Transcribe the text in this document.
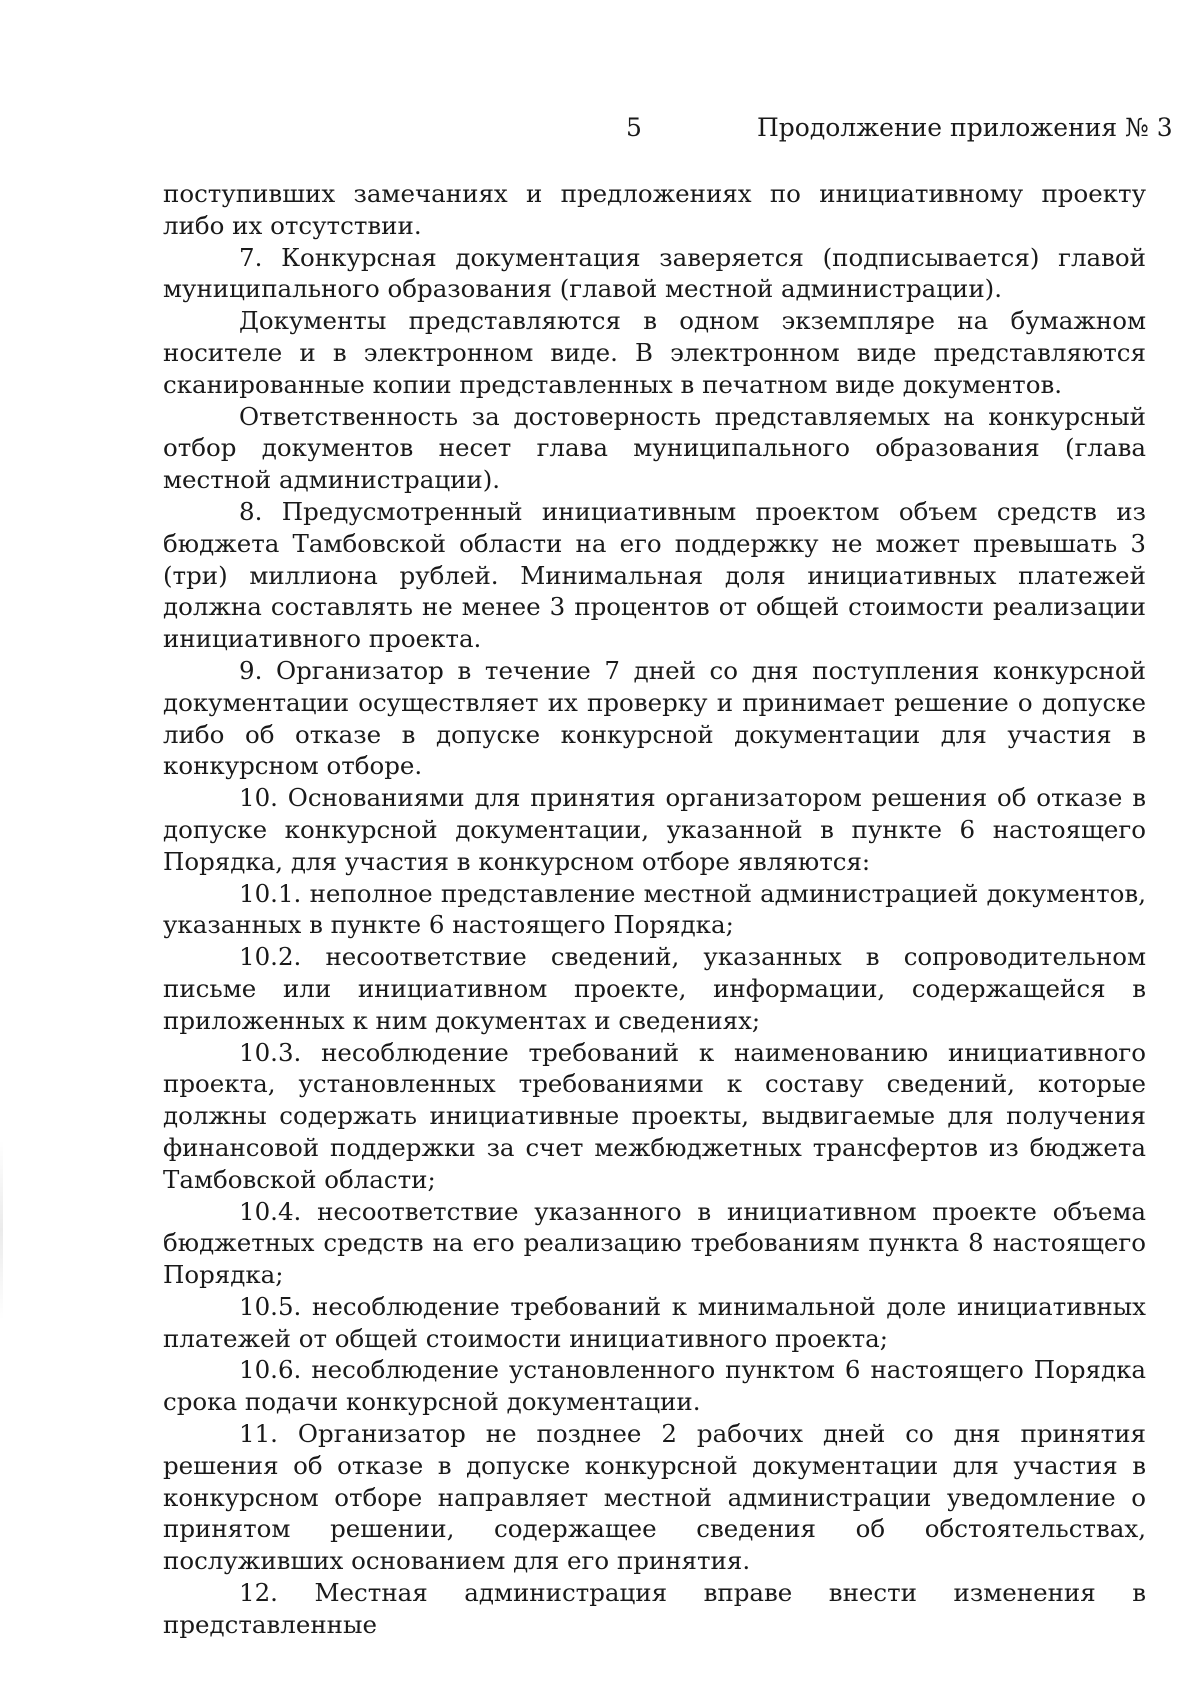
5	Продолжение приложения № 3

поступивших замечаниях и предложениях по инициативному проекту либо их отсутствии.

7. Конкурсная документация заверяется (подписывается) главой муниципального образования (главой местной администрации).

Документы представляются в одном экземпляре на бумажном носителе и в электронном виде. В электронном виде представляются сканированные копии представленных в печатном виде документов.

Ответственность за достоверность представляемых на конкурсный отбор документов несет глава муниципального образования (глава местной администрации).

8. Предусмотренный инициативным проектом объем средств из бюджета Тамбовской области на его поддержку не может превышать 3 (три) миллиона рублей. Минимальная доля инициативных платежей должна составлять не менее 3 процентов от общей стоимости реализации инициативного проекта.

9. Организатор в течение 7 дней со дня поступления конкурсной документации осуществляет их проверку и принимает решение о допуске либо об отказе в допуске конкурсной документации для участия в конкурсном отборе.

10. Основаниями для принятия организатором решения об отказе в допуске конкурсной документации, указанной в пункте 6 настоящего Порядка, для участия в конкурсном отборе являются:

10.1. неполное представление местной администрацией документов, указанных в пункте 6 настоящего Порядка;

10.2. несоответствие сведений, указанных в сопроводительном письме или инициативном проекте, информации, содержащейся в приложенных к ним документах и сведениях;

10.3. несоблюдение требований к наименованию инициативного проекта, установленных требованиями к составу сведений, которые должны содержать инициативные проекты, выдвигаемые для получения финансовой поддержки за счет межбюджетных трансфертов из бюджета Тамбовской области;

10.4. несоответствие указанного в инициативном проекте объема бюджетных средств на его реализацию требованиям пункта 8 настоящего Порядка;

10.5. несоблюдение требований к минимальной доле инициативных платежей от общей стоимости инициативного проекта;

10.6. несоблюдение установленного пунктом 6 настоящего Порядка срока подачи конкурсной документации.

11. Организатор не позднее 2 рабочих дней со дня принятия решения об отказе в допуске конкурсной документации для участия в конкурсном отборе направляет местной администрации уведомление о принятом решении, содержащее сведения об обстоятельствах, послуживших основанием для его принятия.

12. Местная администрация вправе внести изменения в представленные
